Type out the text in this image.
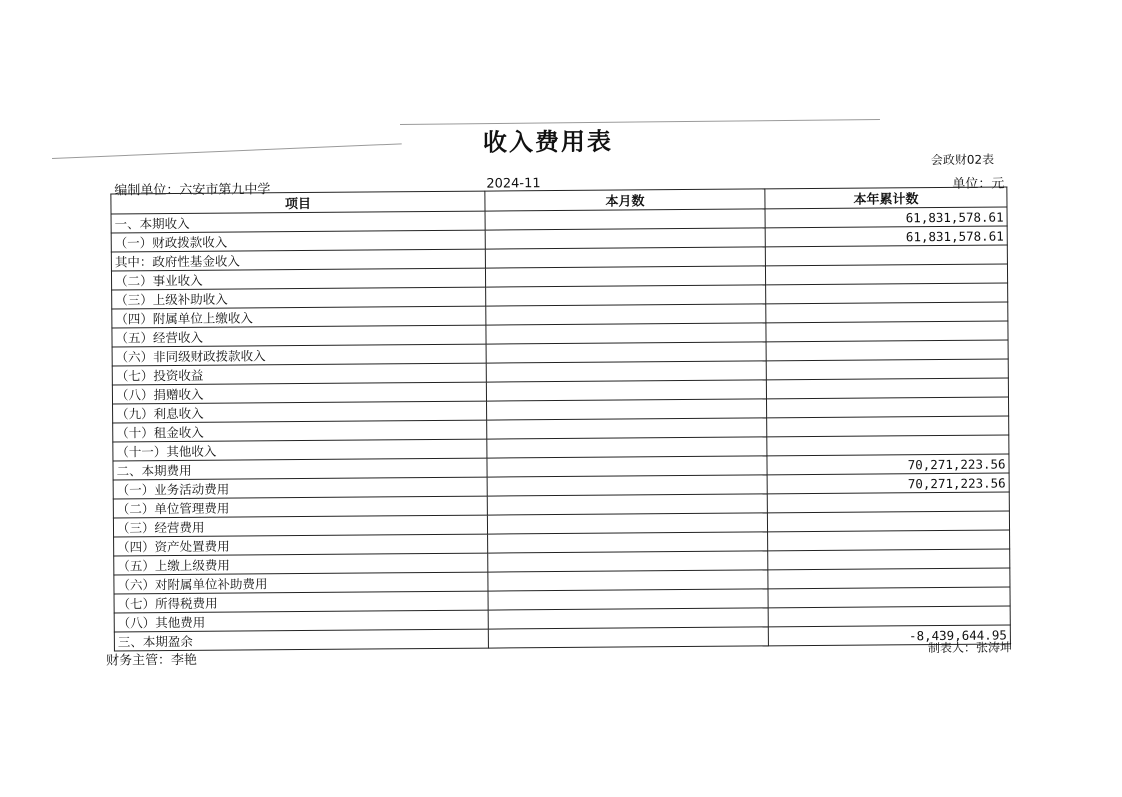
收入费用表
会政财02表
编制单位：六安市第九中学	2024-11	单位：元
项目	本月数	本年累计数
一、本期收入		61,831,578.61
（一）财政拨款收入		61,831,578.61
其中：政府性基金收入		
（二）事业收入		
（三）上级补助收入		
（四）附属单位上缴收入		
（五）经营收入		
（六）非同级财政拨款收入		
（七）投资收益		
（八）捐赠收入		
（九）利息收入		
（十）租金收入		
（十一）其他收入		
二、本期费用		70,271,223.56
（一）业务活动费用		70,271,223.56
（二）单位管理费用		
（三）经营费用		
（四）资产处置费用		
（五）上缴上级费用		
（六）对附属单位补助费用		
（七）所得税费用		
（八）其他费用		
三、本期盈余		-8,439,644.95
财务主管：李艳
制表人：张涛坤
